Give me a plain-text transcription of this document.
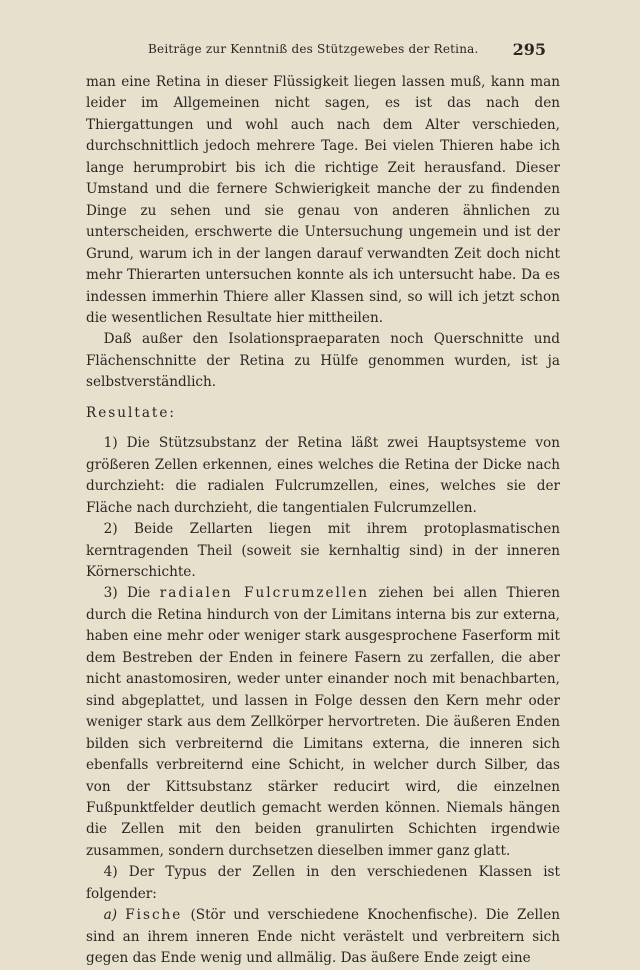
Beiträge zur Kenntniß des Stützgewebes der Retina. 295

man eine Retina in dieser Flüssigkeit liegen lassen muß, kann man leider im Allgemeinen nicht sagen, es ist das nach den Thiergattungen und wohl auch nach dem Alter verschieden, durchschnittlich jedoch mehrere Tage. Bei vielen Thieren habe ich lange herumprobirt bis ich die richtige Zeit herausfand. Dieser Umstand und die fernere Schwierigkeit manche der zu findenden Dinge zu sehen und sie genau von anderen ähnlichen zu unterscheiden, erschwerte die Untersuchung ungemein und ist der Grund, warum ich in der langen darauf verwandten Zeit doch nicht mehr Thierarten untersuchen konnte als ich untersucht habe. Da es indessen immerhin Thiere aller Klassen sind, so will ich jetzt schon die wesentlichen Resultate hier mittheilen.

Daß außer den Isolationspraeparaten noch Querschnitte und Flächenschnitte der Retina zu Hülfe genommen wurden, ist ja selbstverständlich.

Resultate:

1) Die Stützsubstanz der Retina läßt zwei Hauptsysteme von größeren Zellen erkennen, eines welches die Retina der Dicke nach durchzieht: die radialen Fulcrumzellen, eines, welches sie der Fläche nach durchzieht, die tangentialen Fulcrumzellen.
2) Beide Zellarten liegen mit ihrem protoplasmatischen kerntragenden Theil (soweit sie kernhaltig sind) in der inneren Körnerschichte.
3) Die radialen Fulcrumzellen ziehen bei allen Thieren durch die Retina hindurch von der Limitans interna bis zur externa, haben eine mehr oder weniger stark ausgesprochene Faserform mit dem Bestreben der Enden in feinere Fasern zu zerfallen, die aber nicht anastomosiren, weder unter einander noch mit benachbarten, sind abgeplattet, und lassen in Folge dessen den Kern mehr oder weniger stark aus dem Zellkörper hervortreten. Die äußeren Enden bilden sich verbreiternd die Limitans externa, die inneren sich ebenfalls verbreiternd eine Schicht, in welcher durch Silber, das von der Kittsubstanz stärker reducirt wird, die einzelnen Fußpunktfelder deutlich gemacht werden können. Niemals hängen die Zellen mit den beiden granulirten Schichten irgendwie zusammen, sondern durchsetzen dieselben immer ganz glatt.
4) Der Typus der Zellen in den verschiedenen Klassen ist folgender:
a) Fische (Stör und verschiedene Knochenfische). Die Zellen sind an ihrem inneren Ende nicht verästelt und verbreitern sich gegen das Ende wenig und allmälig. Das äußere Ende zeigt eine
